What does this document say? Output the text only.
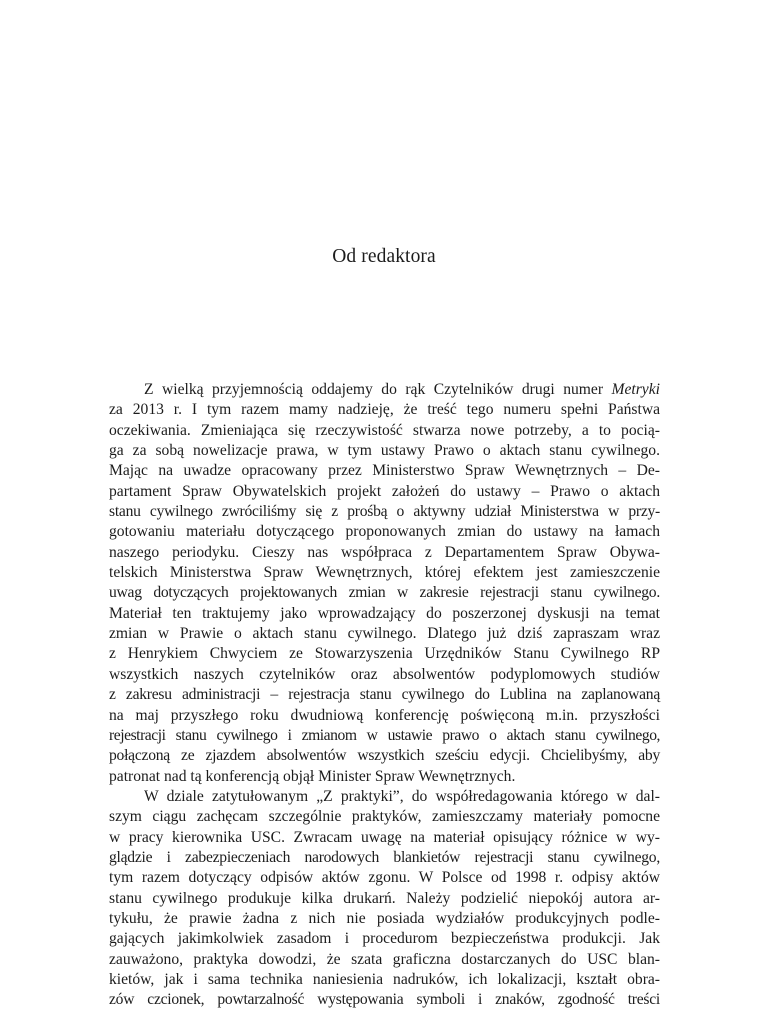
Od redaktora
Z wielką przyjemnością oddajemy do rąk Czytelników drugi numer Metryki
za 2013 r. I tym razem mamy nadzieję, że treść tego numeru spełni Państwa
oczekiwania. Zmieniająca się rzeczywistość stwarza nowe potrzeby, a to pocią-
ga za sobą nowelizacje prawa, w tym ustawy Prawo o aktach stanu cywilnego.
Mając na uwadze opracowany przez Ministerstwo Spraw Wewnętrznych – De-
partament Spraw Obywatelskich projekt założeń do ustawy – Prawo o aktach
stanu cywilnego zwróciliśmy się z prośbą o aktywny udział Ministerstwa w przy-
gotowaniu materiału dotyczącego proponowanych zmian do ustawy na łamach
naszego periodyku. Cieszy nas współpraca z Departamentem Spraw Obywa-
telskich Ministerstwa Spraw Wewnętrznych, której efektem jest zamieszczenie
uwag dotyczących projektowanych zmian w zakresie rejestracji stanu cywilnego.
Materiał ten traktujemy jako wprowadzający do poszerzonej dyskusji na temat
zmian w Prawie o aktach stanu cywilnego. Dlatego już dziś zapraszam wraz
z Henrykiem Chwyciem ze Stowarzyszenia Urzędników Stanu Cywilnego RP
wszystkich naszych czytelników oraz absolwentów podyplomowych studiów
z zakresu administracji – rejestracja stanu cywilnego do Lublina na zaplanowaną
na maj przyszłego roku dwudniową konferencję poświęconą m.in. przyszłości
rejestracji stanu cywilnego i zmianom w ustawie prawo o aktach stanu cywilnego,
połączoną ze zjazdem absolwentów wszystkich sześciu edycji. Chcielibyśmy, aby
patronat nad tą konferencją objął Minister Spraw Wewnętrznych.
W dziale zatytułowanym „Z praktyki”, do współredagowania którego w dal-
szym ciągu zachęcam szczególnie praktyków, zamieszczamy materiały pomocne
w pracy kierownika USC. Zwracam uwagę na materiał opisujący różnice w wy-
glądzie i zabezpieczeniach narodowych blankietów rejestracji stanu cywilnego,
tym razem dotyczący odpisów aktów zgonu. W Polsce od 1998 r. odpisy aktów
stanu cywilnego produkuje kilka drukarń. Należy podzielić niepokój autora ar-
tykułu, że prawie żadna z nich nie posiada wydziałów produkcyjnych podle-
gających jakimkolwiek zasadom i procedurom bezpieczeństwa produkcji. Jak
zauważono, praktyka dowodzi, że szata graficzna dostarczanych do USC blan-
kietów, jak i sama technika naniesienia nadruków, ich lokalizacji, kształt obra-
zów czcionek, powtarzalność występowania symboli i znaków, zgodność treści
